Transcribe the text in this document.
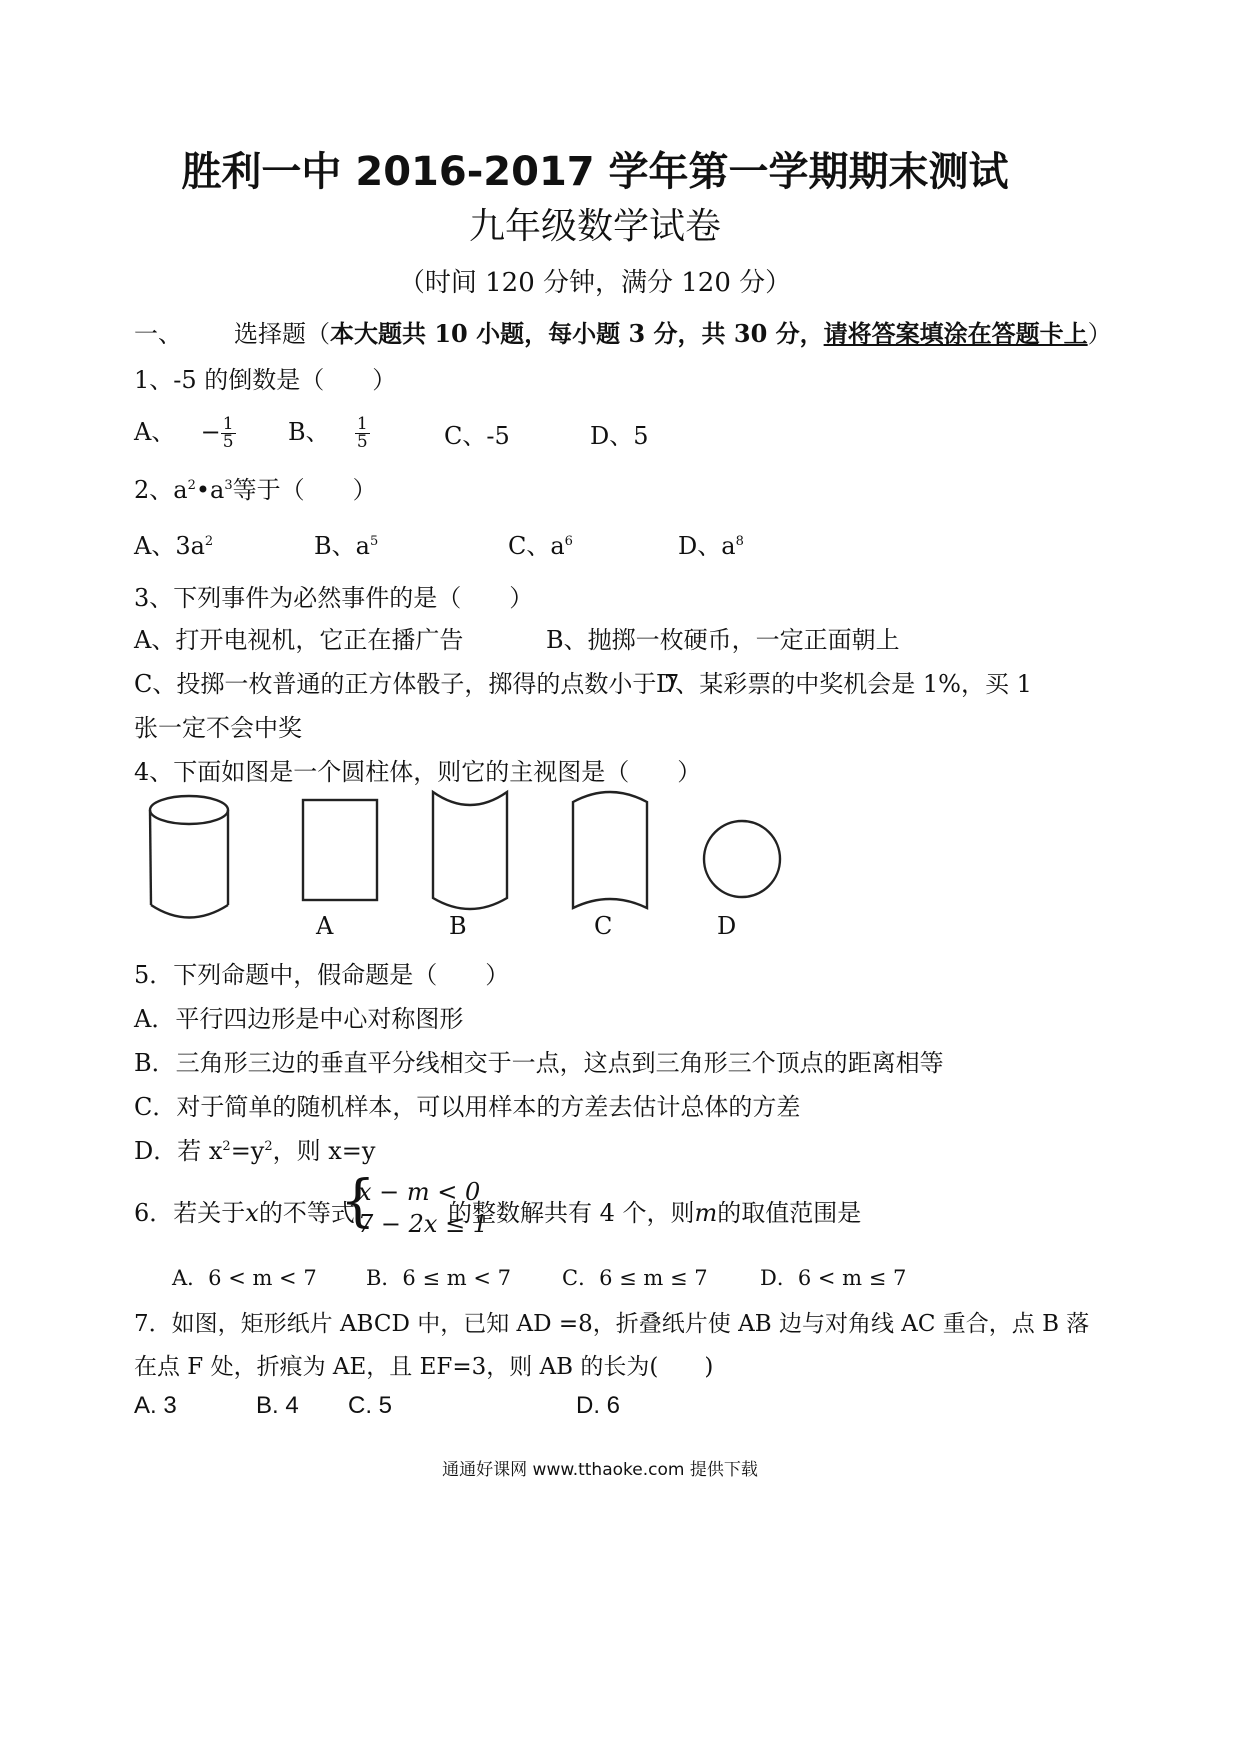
胜利一中 2016-2017 学年第一学期期末测试
九年级数学试卷
（时间 120 分钟，满分 120 分）
一、 选择题（本大题共 10 小题，每小题 3 分，共 30 分，请将答案填涂在答题卡上）
1、-5 的倒数是（　　）
A、 − $\frac{1}{5}$ B、 $\frac{1}{5}$	C、-5	D、5
2、$a^2•a^3$等于（　　）
A、$3a^2$	B、$a^5$	C、$a^6$	D、$a^8$
3、下列事件为必然事件的是（　　）
A、打开电视机，它正在播广告	B、抛掷一枚硬币，一定正面朝上
C、投掷一枚普通的正方体骰子，掷得的点数小于 7
D、某彩票的中奖机会是 1%，买 1
张一定不会中奖
4、下面如图是一个圆柱体，则它的主视图是（　　）
A	B	C	D
5．下列命题中，假命题是（　　）
A．平行四边形是中心对称图形
B．三角形三边的垂直平分线相交于一点，这点到三角形三个顶点的距离相等
C．对于简单的随机样本，可以用样本的方差去估计总体的方差
D．若 $x^2=y^2$，则 x=y
6．若关于x的不等式
{
x − m < 0
7 − 2x ≤ 1
的整数解共有 4 个，则m的取值范围是
A．6 < m < 7 B．6 ≤ m < 7 C．6 ≤ m ≤ 7 D．6 < m ≤ 7
7．如图，矩形纸片 ABCD 中，已知 AD =8，折叠纸片使 AB 边与对角线 AC 重合，点 B 落
在点 F 处，折痕为 AE，且 EF=3，则 AB 的长为(　　)
A. 3	B. 4 C. 5	D. 6
通通好课网 www.tthaoke.com 提供下载
